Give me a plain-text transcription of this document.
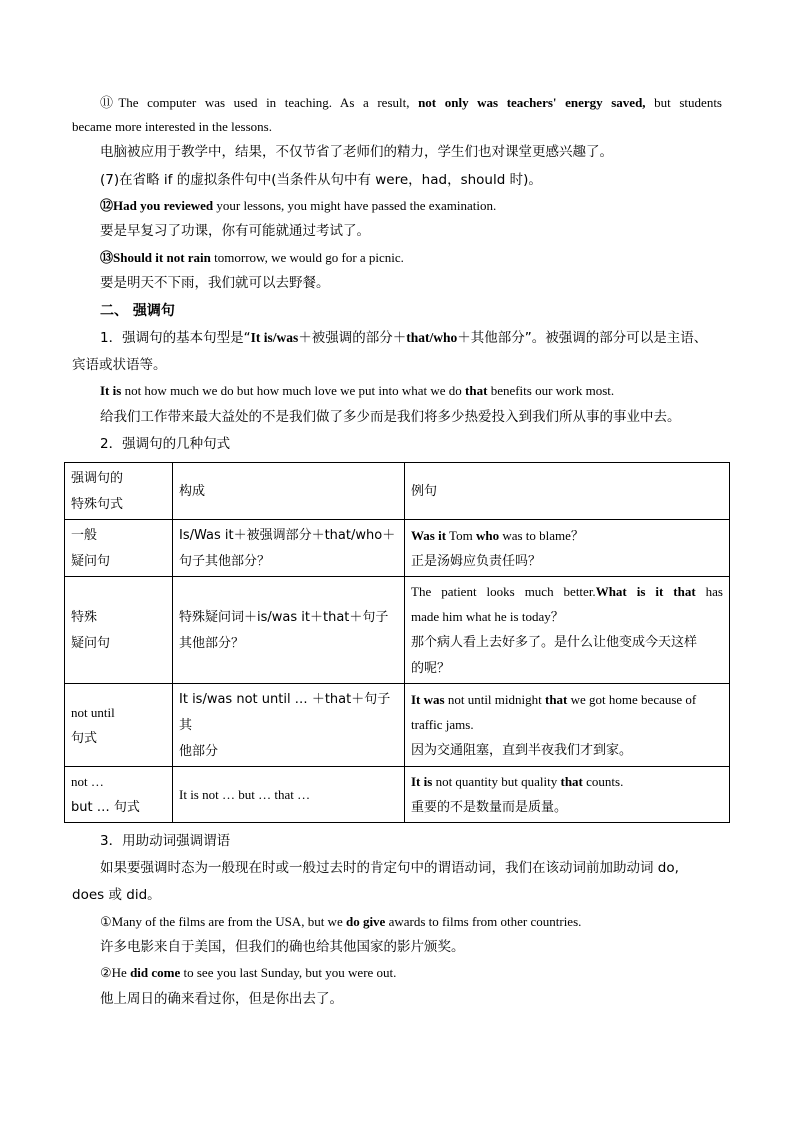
⑪The computer was used in teaching. As a result, not only was teachers' energy saved, but students
became more interested in the lessons.
电脑被应用于教学中，结果，不仅节省了老师们的精力，学生们也对课堂更感兴趣了。
(7)在省略 if 的虚拟条件句中(当条件从句中有 were，had，should 时)。
⑫Had you reviewed your lessons, you might have passed the examination.
要是早复习了功课，你有可能就通过考试了。
⑬Should it not rain tomorrow, we would go for a picnic.
要是明天不下雨，我们就可以去野餐。
二、 强调句
1．强调句的基本句型是“It is/was＋被强调的部分＋that/who＋其他部分”。被强调的部分可以是主语、
宾语或状语等。
It is not how much we do but how much love we put into what we do that benefits our work most.
给我们工作带来最大益处的不是我们做了多少而是我们将多少热爱投入到我们所从事的事业中去。
2．强调句的几种句式
强调句的
特殊句式	构成	例句
一般
疑问句	Is/Was it＋被强调部分＋that/who＋
句子其他部分？	Was it Tom who was to blame？
正是汤姆应负责任吗？
特殊
疑问句	特殊疑问词＋is/was it＋that＋句子
其他部分？	The patient looks much better.What is it that has
made him what he is today？
那个病人看上去好多了。是什么让他变成今天这样
的呢？
not until
句式	It is/was not until … ＋that＋句子其
他部分	It was not until midnight that we got home because of
traffic jams.
因为交通阻塞，直到半夜我们才到家。
not …
but … 句式	It is not … but … that …	It is not quantity but quality that counts.
重要的不是数量而是质量。
3．用助动词强调谓语
如果要强调时态为一般现在时或一般过去时的肯定句中的谓语动词，我们在该动词前加助动词 do,
does 或 did。
①Many of the films are from the USA, but we do give awards to films from other countries.
许多电影来自于美国，但我们的确也给其他国家的影片颁奖。
②He did come to see you last Sunday, but you were out.
他上周日的确来看过你，但是你出去了。
